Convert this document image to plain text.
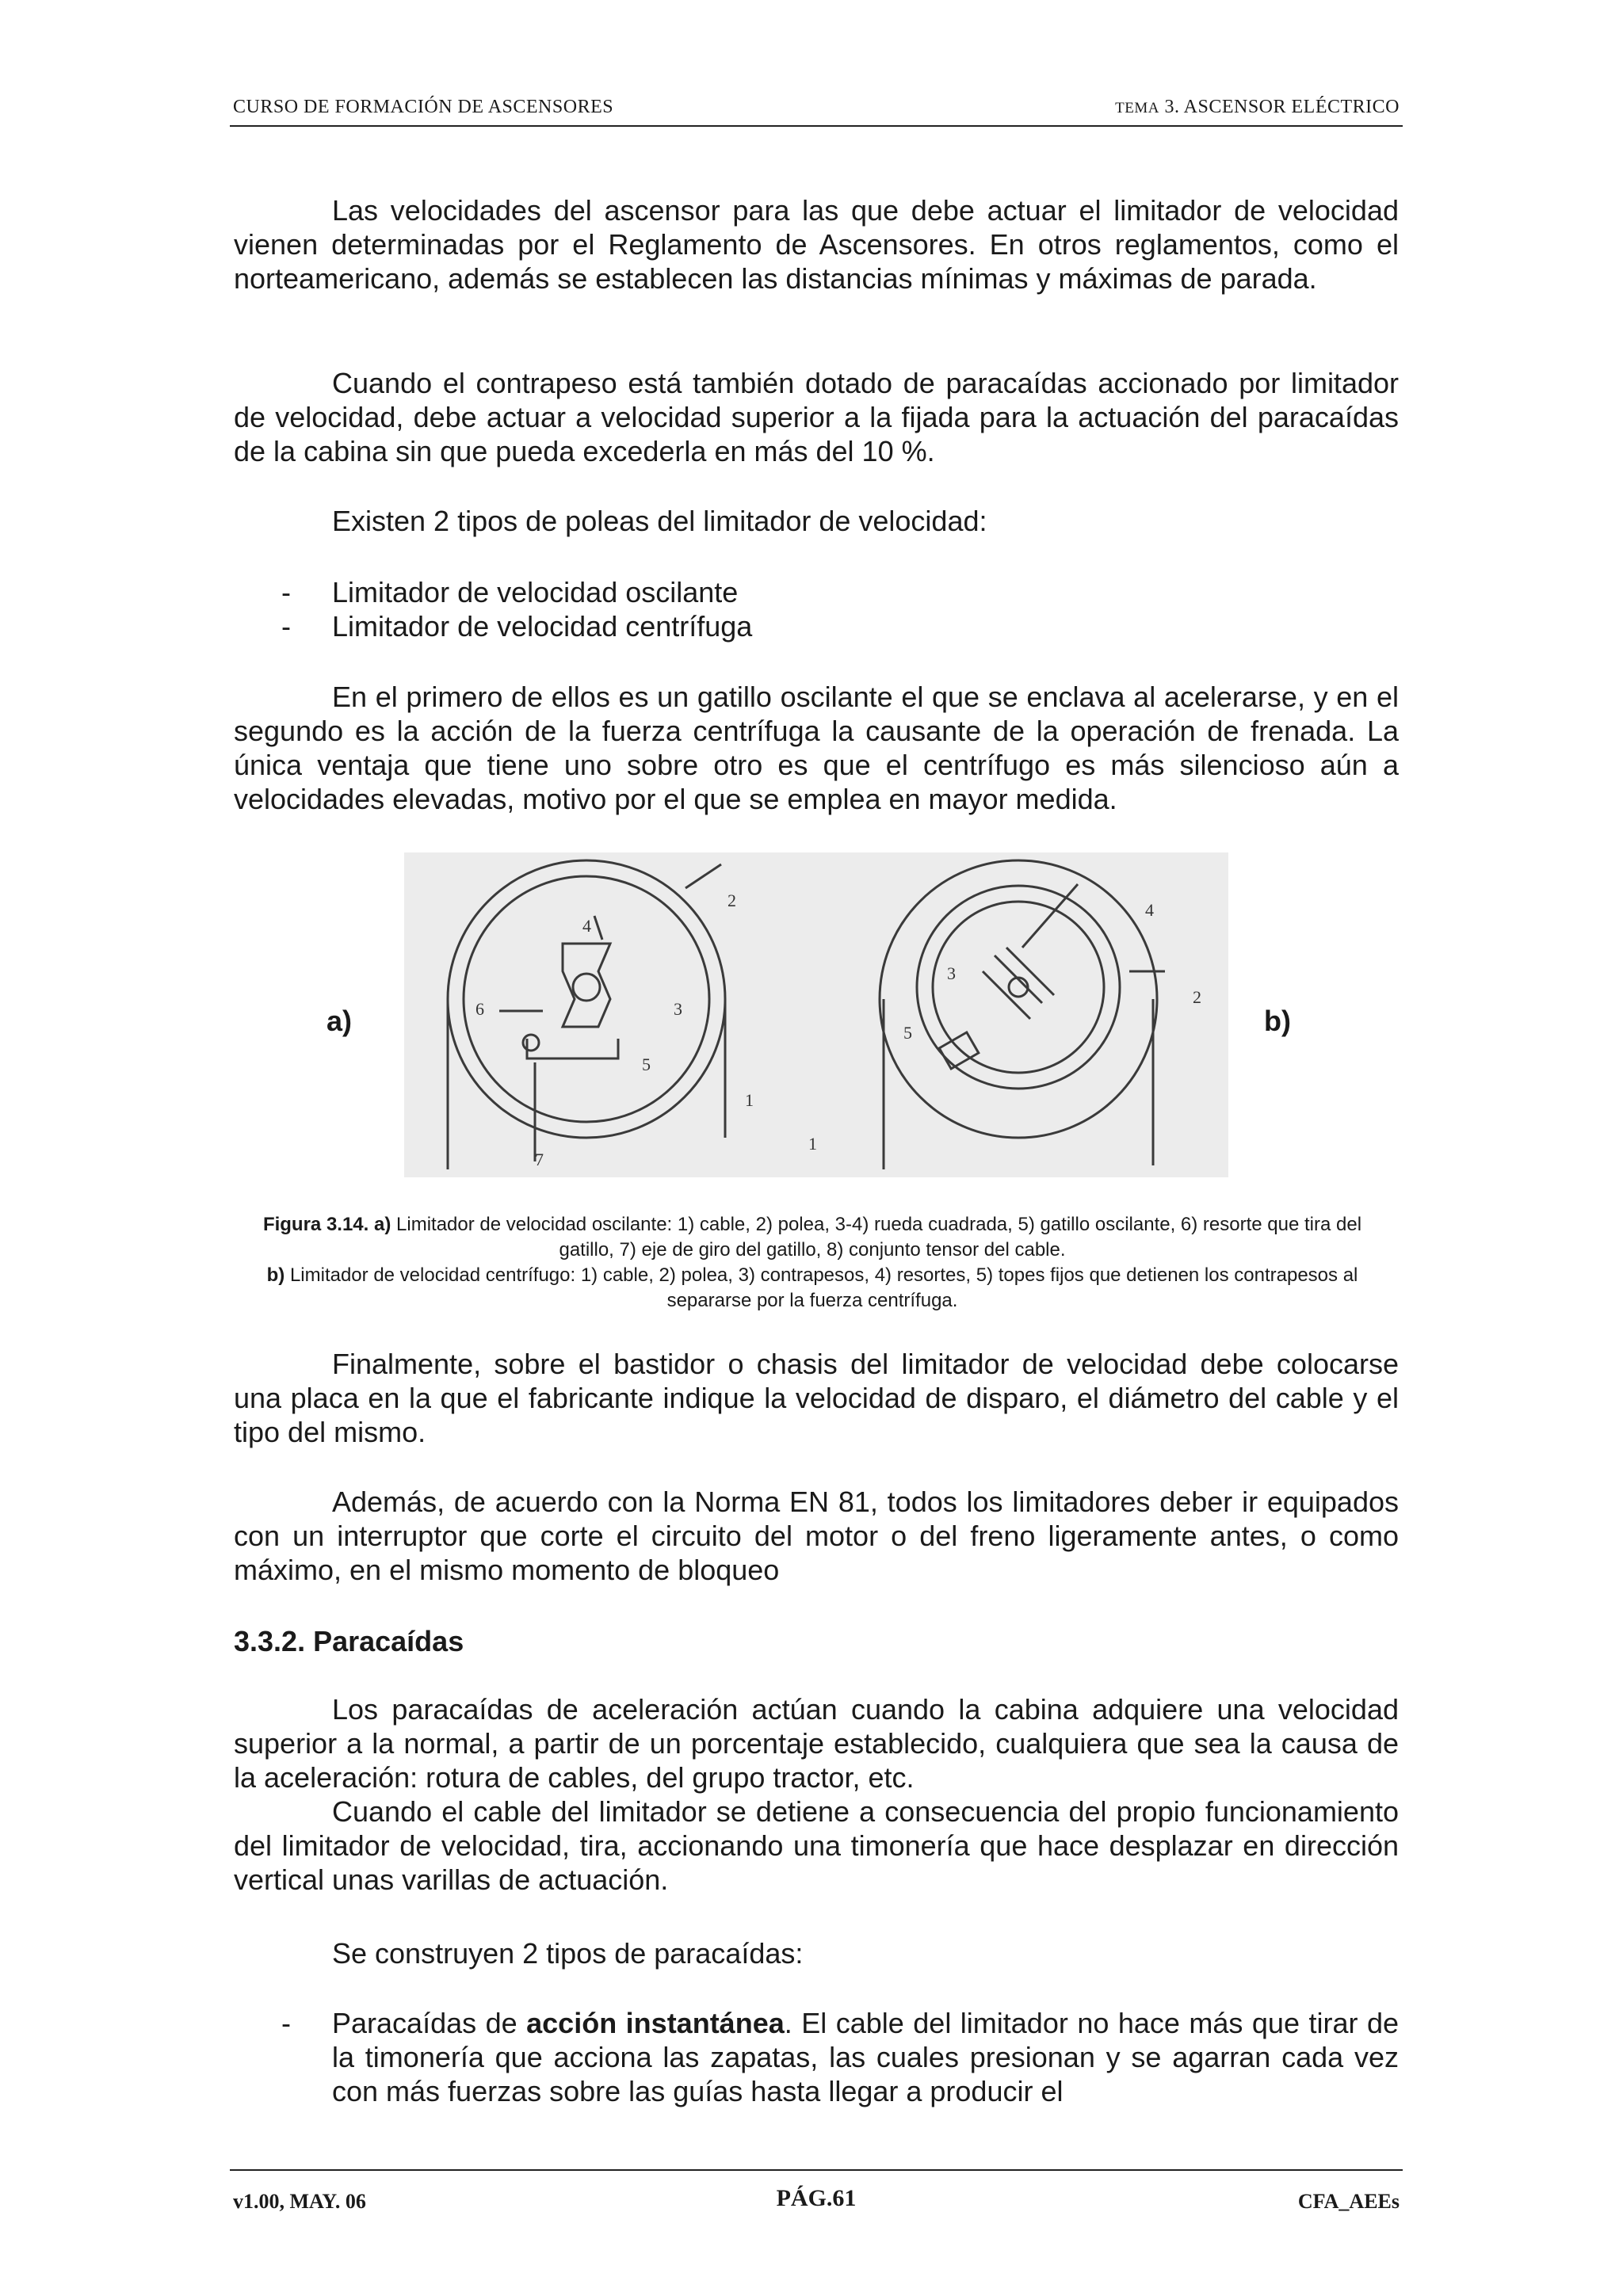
CURSO DE FORMACIÓN DE ASCENSORES	TEMA 3. ASCENSOR ELÉCTRICO

Las velocidades del ascensor para las que debe actuar el limitador de velocidad vienen determinadas por el Reglamento de Ascensores. En otros reglamentos, como el norteamericano, además se establecen las distancias mínimas y máximas de parada.

Cuando el contrapeso está también dotado de paracaídas accionado por limitador de velocidad, debe actuar a velocidad superior a la fijada para la actuación del paracaídas de la cabina sin que pueda excederla en más del 10 %.

Existen 2 tipos de poleas del limitador de velocidad:

- Limitador de velocidad oscilante
- Limitador de velocidad centrífuga

En el primero de ellos es un gatillo oscilante el que se enclava al acelerarse, y en el segundo es la acción de la fuerza centrífuga la causante de la operación de frenada. La única ventaja que tiene uno sobre otro es que el centrífugo es más silencioso aún a velocidades elevadas, motivo por el que se emplea en mayor medida.

a)	b)
2
4
3
6
5
1
7
4
3
2
5
1
Figura 3.14. a) Limitador de velocidad oscilante: 1) cable, 2) polea, 3-4) rueda cuadrada, 5) gatillo oscilante, 6) resorte que tira del gatillo, 7) eje de giro del gatillo, 8) conjunto tensor del cable.
b) Limitador de velocidad centrífugo: 1) cable, 2) polea, 3) contrapesos, 4) resortes, 5) topes fijos que detienen los contrapesos al separarse por la fuerza centrífuga.

Finalmente, sobre el bastidor o chasis del limitador de velocidad debe colocarse una placa en la que el fabricante indique la velocidad de disparo, el diámetro del cable y el tipo del mismo.

Además, de acuerdo con la Norma EN 81, todos los limitadores deber ir equipados con un interruptor que corte el circuito del motor o del freno ligeramente antes, o como máximo, en el mismo momento de bloqueo

3.3.2. Paracaídas

Los paracaídas de aceleración actúan cuando la cabina adquiere una velocidad superior a la normal, a partir de un porcentaje establecido, cualquiera que sea la causa de la aceleración: rotura de cables, del grupo tractor, etc.

Cuando el cable del limitador se detiene a consecuencia del propio funcionamiento del limitador de velocidad, tira, accionando una timonería que hace desplazar en dirección vertical unas varillas de actuación.

Se construyen 2 tipos de paracaídas:

- Paracaídas de acción instantánea. El cable del limitador no hace más que tirar de la timonería que acciona las zapatas, las cuales presionan y se agarran cada vez con más fuerzas sobre las guías hasta llegar a producir el
v1.00, MAY. 06	PÁG.61	CFA_AEEs
